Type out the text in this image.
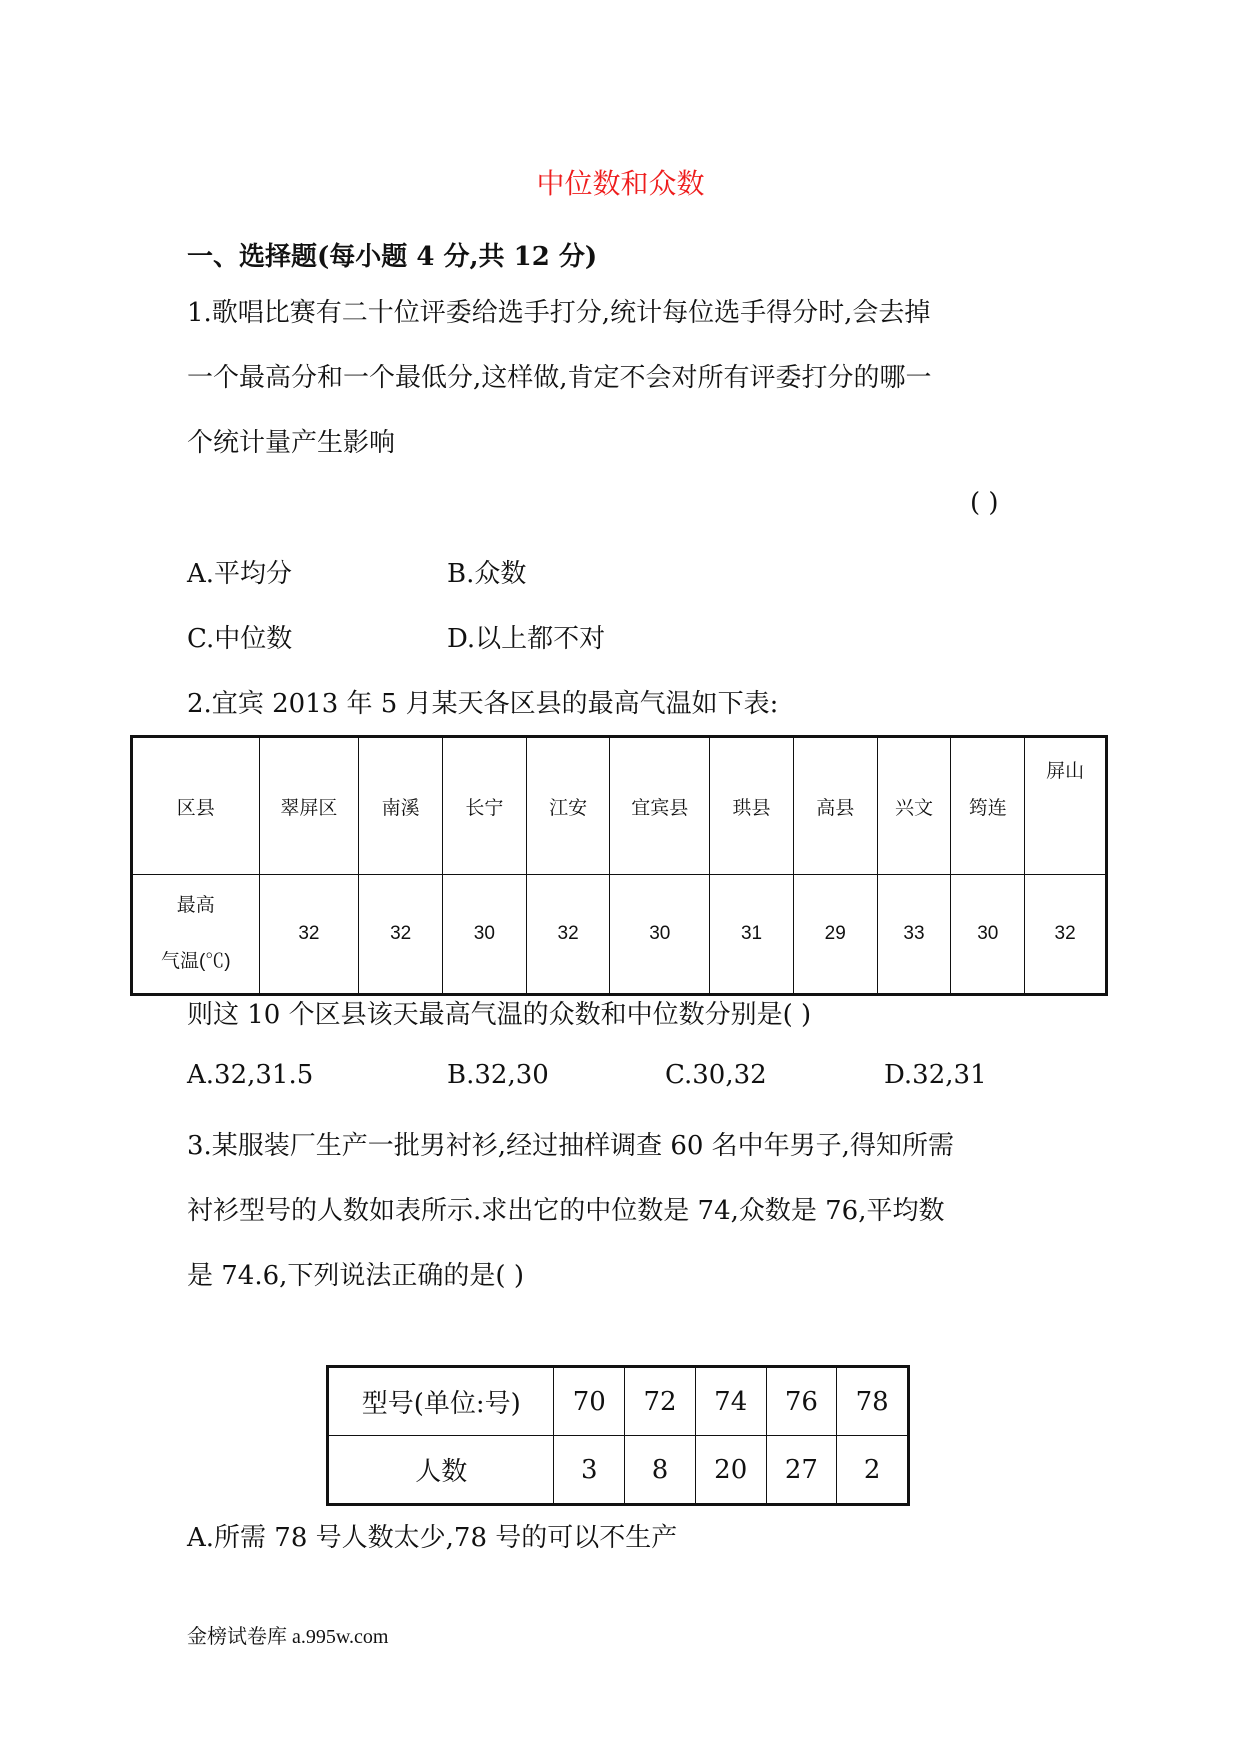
中位数和众数
一、选择题(每小题 4 分,共 12 分)
1.歌唱比赛有二十位评委给选手打分,统计每位选手得分时,会去掉
一个最高分和一个最低分,这样做,肯定不会对所有评委打分的哪一
个统计量产生影响
( )
A.平均分	B.众数
C.中位数	D.以上都不对
2.宜宾 2013 年 5 月某天各区县的最高气温如下表:
区县	翠屏区	南溪	长宁	江安	宜宾县	珙县	高县	兴文	筠连	屏山

最高
气温(℃)	32	32	30	32	30	31	29	33	30	32
则这 10 个区县该天最高气温的众数和中位数分别是( )
A.32,31.5	B.32,30	C.30,32	D.32,31
3.某服装厂生产一批男衬衫,经过抽样调查 60 名中年男子,得知所需
衬衫型号的人数如表所示.求出它的中位数是 74,众数是 76,平均数
是 74.6,下列说法正确的是( )
型号(单位:号)	70	72	74	76	78
人数	3	8	20	27	2
A.所需 78 号人数太少,78 号的可以不生产
金榜试卷库 a.995w.com
